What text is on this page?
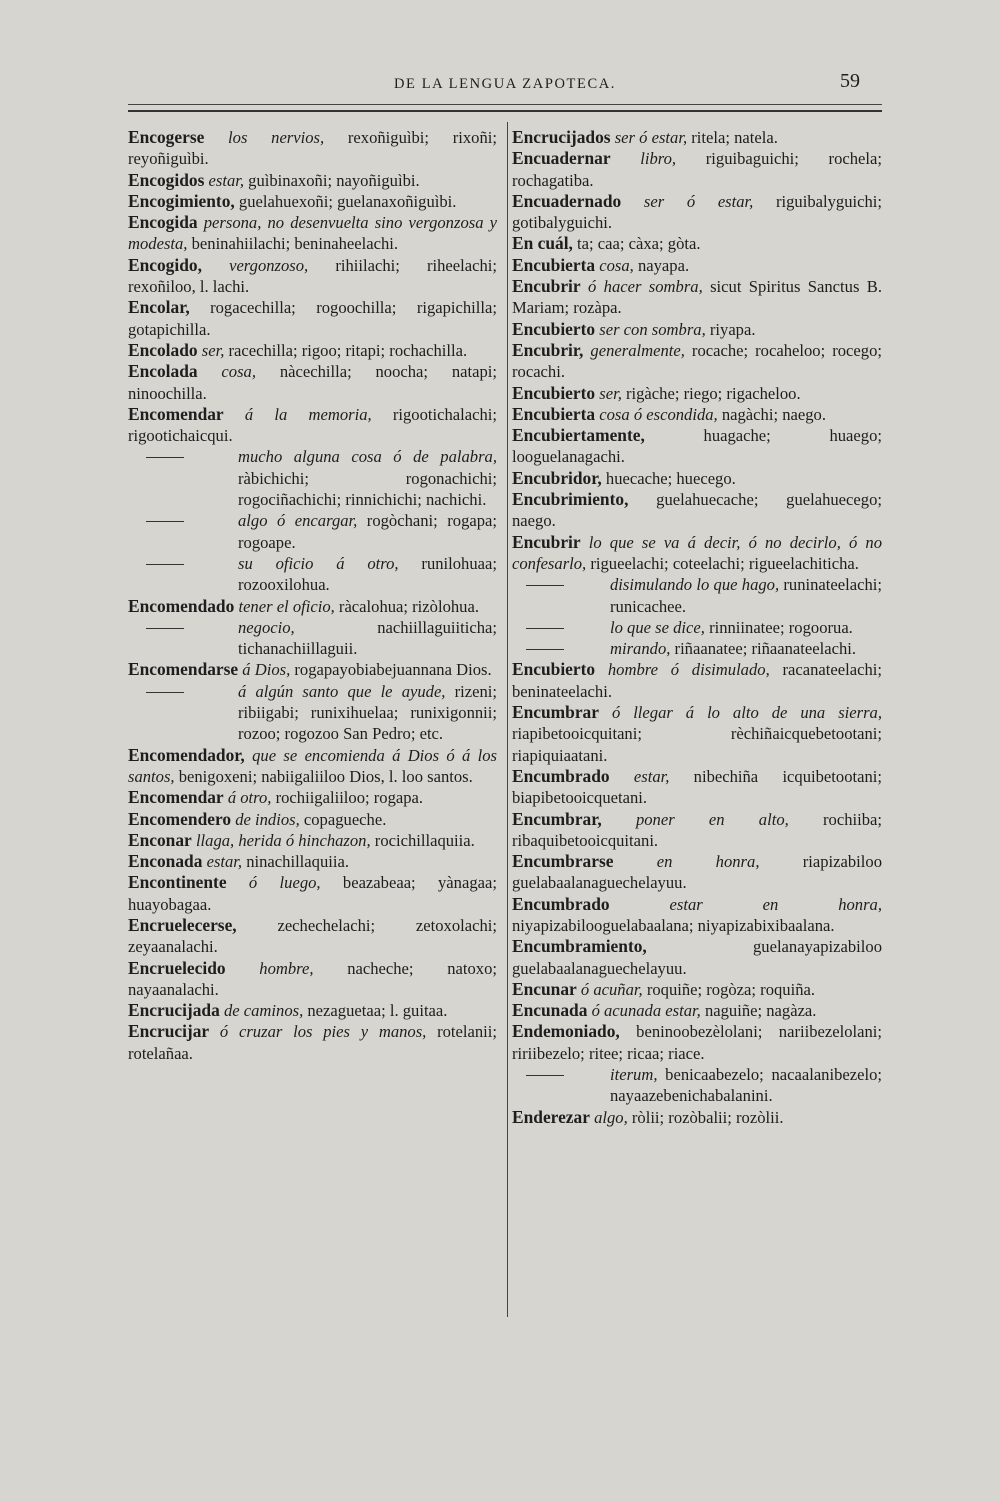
DE LA LENGUA ZAPOTECA.	59

Encogerse los nervios, rexoñiguìbi; rixoñi; reyoñiguìbi.

Encogidos estar, guìbinaxoñi; nayoñiguìbi.

Encogimiento, guelahuexoñi; guelanaxoñiguìbi.

Encogida persona, no desenvuelta sino vergonzosa y modesta, beninahiilachi; beninaheelachi.

Encogido, vergonzoso, rihiilachi; riheelachi; rexoñiloo, l. lachi.

Encolar, rogacechilla; rogoochilla; rigapichilla; gotapichilla.

Encolado ser, racechilla; rigoo; ritapi; rochachilla.

Encolada cosa, nàcechilla; noocha; natapi; ninoochilla.

Encomendar á la memoria, rigootichalachi; rigootichaicqui.

mucho alguna cosa ó de palabra, ràbichichi; rogonachichi; rogociñachichi; rinnichichi; nachichi.

algo ó encargar, rogòchani; rogapa; rogoape.

su oficio á otro, runilohuaa; rozooxilohua.

Encomendado tener el oficio, ràcalohua; rizòlohua.

negocio, nachiillaguiiticha; tichanachiillaguii.

Encomendarse á Dios, rogapayobiabejuannana Dios.

á algún santo que le ayude, rizeni; ribiigabi; runixihuelaa; runixigonnii; rozoo; rogozoo San Pedro; etc.

Encomendador, que se encomienda á Dios ó á los santos, benigoxeni; nabiigaliiloo Dios, l. loo santos.

Encomendar á otro, rochiigaliiloo; rogapa.

Encomendero de indios, copagueche.

Enconar llaga, herida ó hinchazon, rocichillaquiia.

Enconada estar, ninachillaquiia.

Encontinente ó luego, beazabeaa; yànagaa; huayobagaa.

Encruelecerse, zechechelachi; zetoxolachi; zeyaanalachi.

Encruelecido hombre, nacheche; natoxo; nayaanalachi.

Encrucijada de caminos, nezaguetaa; l. guitaa.

Encrucijar ó cruzar los pies y manos, rotelanii; rotelañaa.

Encrucijados ser ó estar, ritela; natela.

Encuadernar libro, riguibaguichi; rochela; rochagatiba.

Encuadernado ser ó estar, riguibalyguichi; gotibalyguichi.

En cuál, ta; caa; càxa; gòta.

Encubierta cosa, nayapa.

Encubrir ó hacer sombra, sicut Spiritus Sanctus B. Mariam; rozàpa.

Encubierto ser con sombra, riyapa.

Encubrir, generalmente, rocache; rocaheloo; rocego; rocachi.

Encubierto ser, rigàche; riego; rigacheloo.

Encubierta cosa ó escondida, nagàchi; naego.

Encubiertamente,	huagache; huaego; looguelanagachi.

Encubridor, huecache; huecego.

Encubrimiento, guelahuecache; guelahuecego; naego.

Encubrir lo que se va á decir, ó no decirlo, ó no confesarlo, rigueelachi; coteelachi; rigueelachiticha.

disimulando lo que hago, runinateelachi; runicachee.

lo que se dice, rinniinatee; rogoorua.

mirando, riñaanatee; riñaanateelachi.

Encubierto hombre ó disimulado, racanateelachi; beninateelachi.

Encumbrar ó llegar á lo alto de una sierra, riapibetooicquitani; rèchiñaicquebetootani; riapiquiaatani.

Encumbrado estar, nibechiña icquibetootani; biapibetooicquetani.

Encumbrar, poner en alto, rochiiba; ribaquibetooicquitani.

Encumbrarse	en honra, riapizabiloo guelabaalanaguechelayuu.

Encumbrado	estar en honra, niyapizabilooguelabaalana; niyapizabixibaalana.

Encumbramiento,	guelanayapizabiloo guelabaalanaguechelayuu.

Encunar ó acuñar, roquiñe; rogòza; roquiña.

Encunada ó acunada estar, naguiñe; nagàza.

Endemoniado, beninoobezèlolani; nariibezelolani; ririibezelo; ritee; ricaa; riace.

iterum, benicaabezelo; nacaalanibezelo; nayaazebenichabalanini.

Enderezar algo, ròlii; rozòbalii; rozòlii.
